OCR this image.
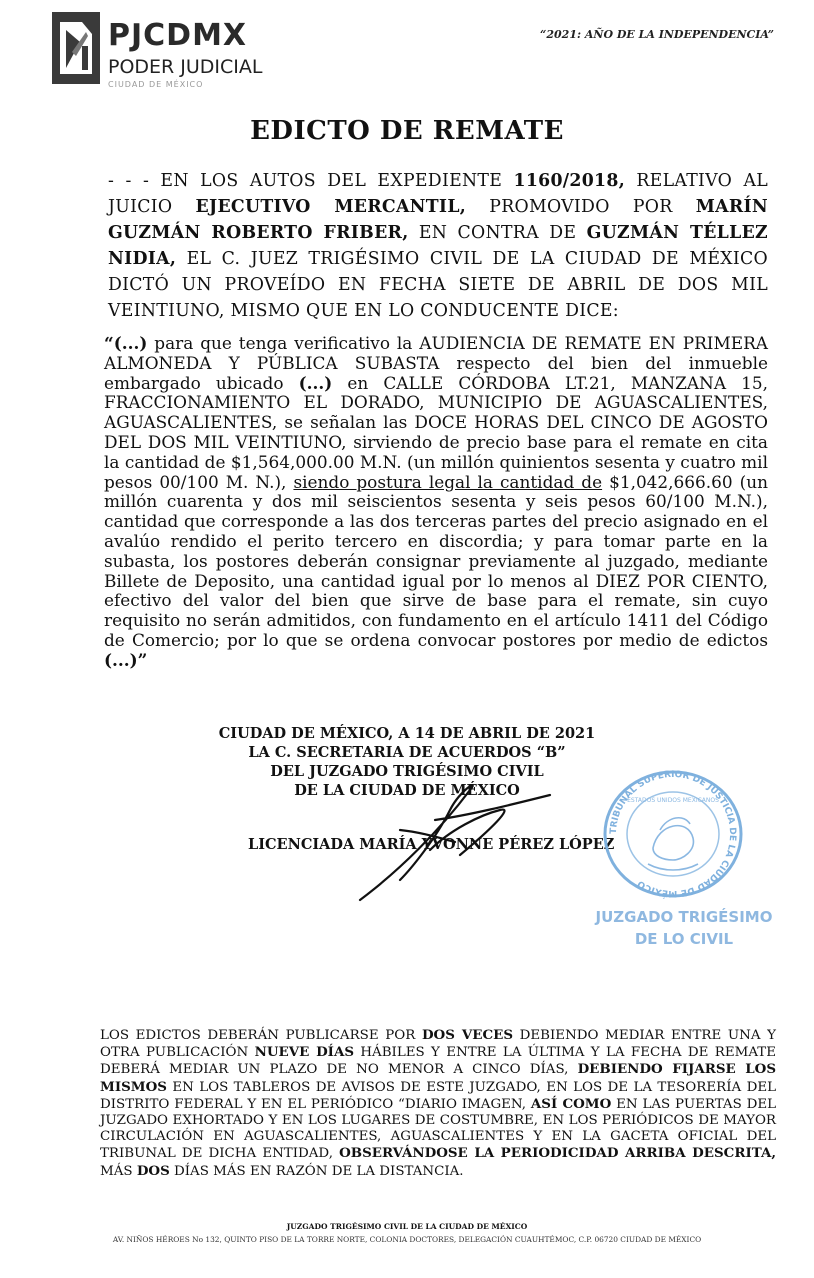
PJCDMX
PODER JUDICIAL
CIUDAD DE MÉXICO
“2021: AÑO DE LA INDEPENDENCIA”
EDICTO DE REMATE
- - - EN LOS AUTOS DEL EXPEDIENTE 1160/2018, RELATIVO AL JUICIO EJECUTIVO MERCANTIL, PROMOVIDO POR MARÍN GUZMÁN ROBERTO FRIBER, EN CONTRA DE GUZMÁN TÉLLEZ NIDIA, EL C. JUEZ TRIGÉSIMO CIVIL DE LA CIUDAD DE MÉXICO DICTÓ UN PROVEÍDO EN FECHA SIETE DE ABRIL DE DOS MIL VEINTIUNO, MISMO QUE EN LO CONDUCENTE DICE:
“(...) para que tenga verificativo la AUDIENCIA DE REMATE EN PRIMERA ALMONEDA Y PÚBLICA SUBASTA respecto del bien del inmueble embargado ubicado (...) en CALLE CÓRDOBA LT.21, MANZANA 15, FRACCIONAMIENTO EL DORADO, MUNICIPIO DE AGUASCALIENTES, AGUASCALIENTES, se señalan las DOCE HORAS DEL CINCO DE AGOSTO DEL DOS MIL VEINTIUNO, sirviendo de precio base para el remate en cita la cantidad de $1,564,000.00 M.N. (un millón quinientos sesenta y cuatro mil pesos 00/100 M. N.), siendo postura legal la cantidad de $1,042,666.60 (un millón cuarenta y dos mil seiscientos sesenta y seis pesos 60/100 M.N.), cantidad que corresponde a las dos terceras partes del precio asignado en el avalúo rendido el perito tercero en discordia; y para tomar parte en la subasta, los postores deberán consignar previamente al juzgado, mediante Billete de Deposito, una cantidad igual por lo menos al DIEZ POR CIENTO, efectivo del valor del bien que sirve de base para el remate, sin cuyo requisito no serán admitidos, con fundamento en el artículo 1411 del Código de Comercio; por lo que se ordena convocar postores por medio de edictos (...)”
CIUDAD DE MÉXICO, A 14 DE ABRIL DE 2021
LA C. SECRETARIA DE ACUERDOS “B”
DEL JUZGADO TRIGÉSIMO CIVIL
DE LA CIUDAD DE MÉXICO
LICENCIADA MARÍA YVONNE PÉREZ LÓPEZ
TRIBUNAL SUPERIOR DE JUSTICIA DE LA CIUDAD DE MÉXICO
ESTADOS UNIDOS MEXICANOS
JUZGADO TRIGÉSIMO
DE LO CIVIL
LOS EDICTOS DEBERÁN PUBLICARSE POR DOS VECES DEBIENDO MEDIAR ENTRE UNA Y OTRA PUBLICACIÓN NUEVE DÍAS HÁBILES Y ENTRE LA ÚLTIMA Y LA FECHA DE REMATE DEBERÁ MEDIAR UN PLAZO DE NO MENOR A CINCO DÍAS, DEBIENDO FIJARSE LOS MISMOS EN LOS TABLEROS DE AVISOS DE ESTE JUZGADO, EN LOS DE LA TESORERÍA DEL DISTRITO FEDERAL Y EN EL PERIÓDICO “DIARIO IMAGEN, ASÍ COMO EN LAS PUERTAS DEL JUZGADO EXHORTADO Y EN LOS LUGARES DE COSTUMBRE, EN LOS PERIÓDICOS DE MAYOR CIRCULACIÓN EN AGUASCALIENTES, AGUASCALIENTES Y EN LA GACETA OFICIAL DEL TRIBUNAL DE DICHA ENTIDAD, OBSERVÁNDOSE LA PERIODICIDAD ARRIBA DESCRITA, MÁS DOS DÍAS MÁS EN RAZÓN DE LA DISTANCIA.
JUZGADO TRIGÉSIMO CIVIL DE LA CIUDAD DE MÉXICO
AV. NIÑOS HÉROES No 132, QUINTO PISO DE LA TORRE NORTE, COLONIA DOCTORES, DELEGACIÓN CUAUHTÉMOC, C.P. 06720 CIUDAD DE MÉXICO
